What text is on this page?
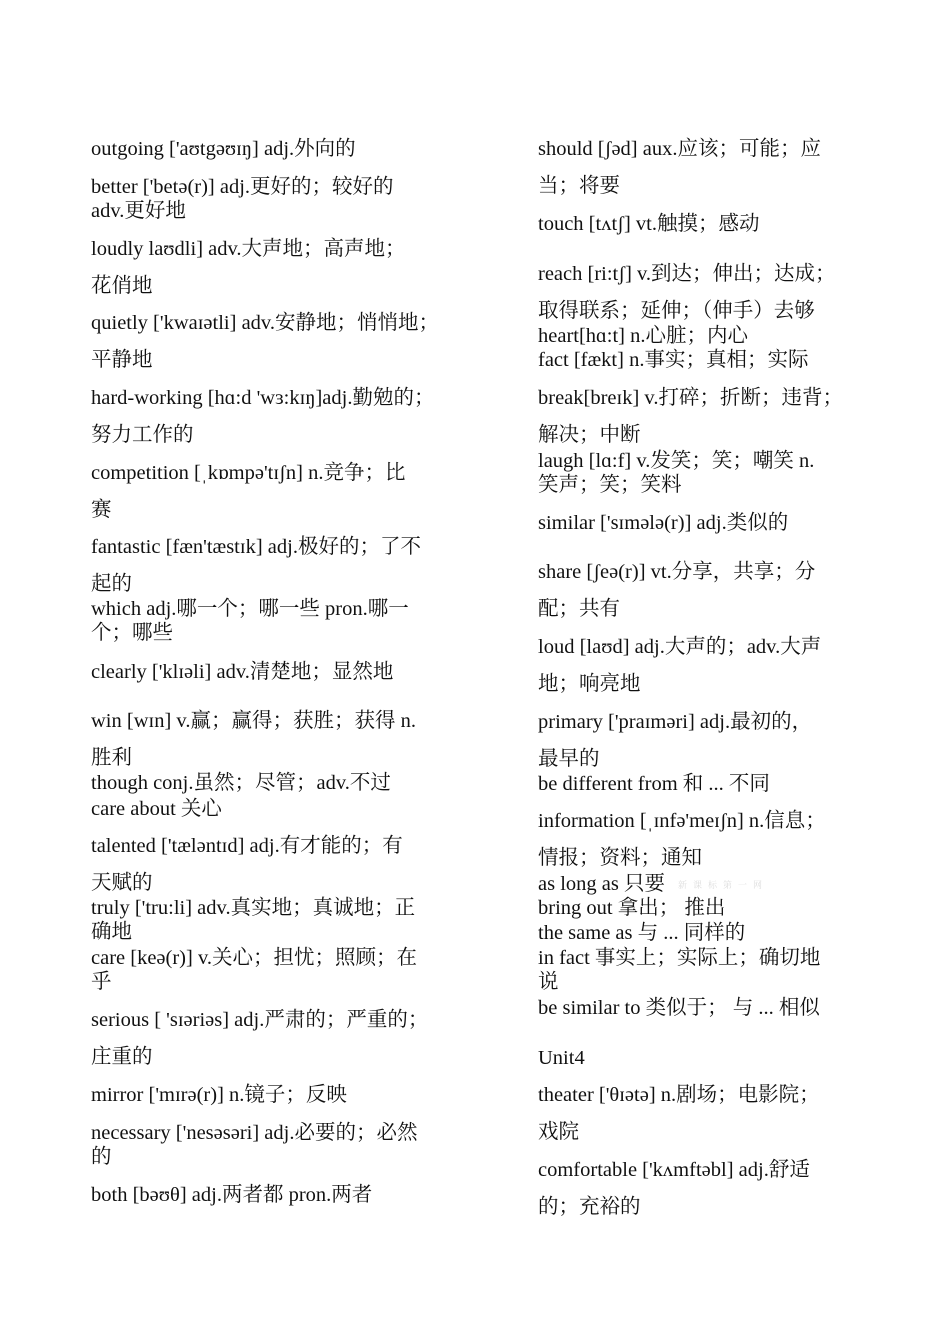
outgoing ['aʊtgəʊɪŋ] adj.外向的
better ['betə(r)] adj.更好的；较好的
adv.更好地
loudly laʊdli] adv.大声地；高声地；
花俏地
quietly ['kwaɪətli] adv.安静地；悄悄地；
平静地
hard-working [hɑ:d 'wɜ:kɪŋ]adj.勤勉的；
努力工作的
competition [ˌkɒmpə'tɪʃn] n.竞争；比
赛
fantastic [fæn'tæstɪk] adj.极好的；了不
起的
which adj.哪一个；哪一些 pron.哪一
个；哪些
clearly ['klɪəli] adv.清楚地；显然地
win [wɪn] v.赢；赢得；获胜；获得 n.
胜利
though conj.虽然；尽管；adv.不过
care about 关心
talented ['tæləntɪd] adj.有才能的；有
天赋的
truly ['tru:li] adv.真实地；真诚地；正
确地
care [keə(r)] v.关心；担忧；照顾；在
乎
serious [ 'sɪəriəs] adj.严肃的；严重的；
庄重的
mirror ['mɪrə(r)] n.镜子；反映
necessary ['nesəsəri] adj.必要的；必然
的
both [bəʊθ] adj.两者都 pron.两者
should [ʃəd] aux.应该；可能；应
当；将要
touch [tʌtʃ] vt.触摸；感动
reach [ri:tʃ] v.到达；伸出；达成；
取得联系；延伸；（伸手）去够
heart[hɑ:t] n.心脏；内心
fact [fækt] n.事实；真相；实际
break[breɪk] v.打碎；折断；违背；
解决；中断
laugh [lɑ:f] v.发笑；笑；嘲笑 n.
笑声；笑；笑料
similar ['sɪmələ(r)] adj.类似的
share [ʃeə(r)] vt.分享，共享；分
配；共有
loud [laʊd] adj.大声的；adv.大声
地；响亮地
primary ['praɪməri] adj.最初的，
最早的
be different from 和 ... 不同
information [ˌɪnfə'meɪʃn] n.信息；
情报；资料；通知
as long as 只要
bring out 拿出； 推出
the same as 与 ... 同样的
in fact 事实上；实际上；确切地
说
be similar to 类似于； 与 ... 相似
Unit4
theater ['θɪətə] n.剧场；电影院；
戏院
comfortable ['kʌmftəbl] adj.舒适
的；充裕的
新课标第一网
